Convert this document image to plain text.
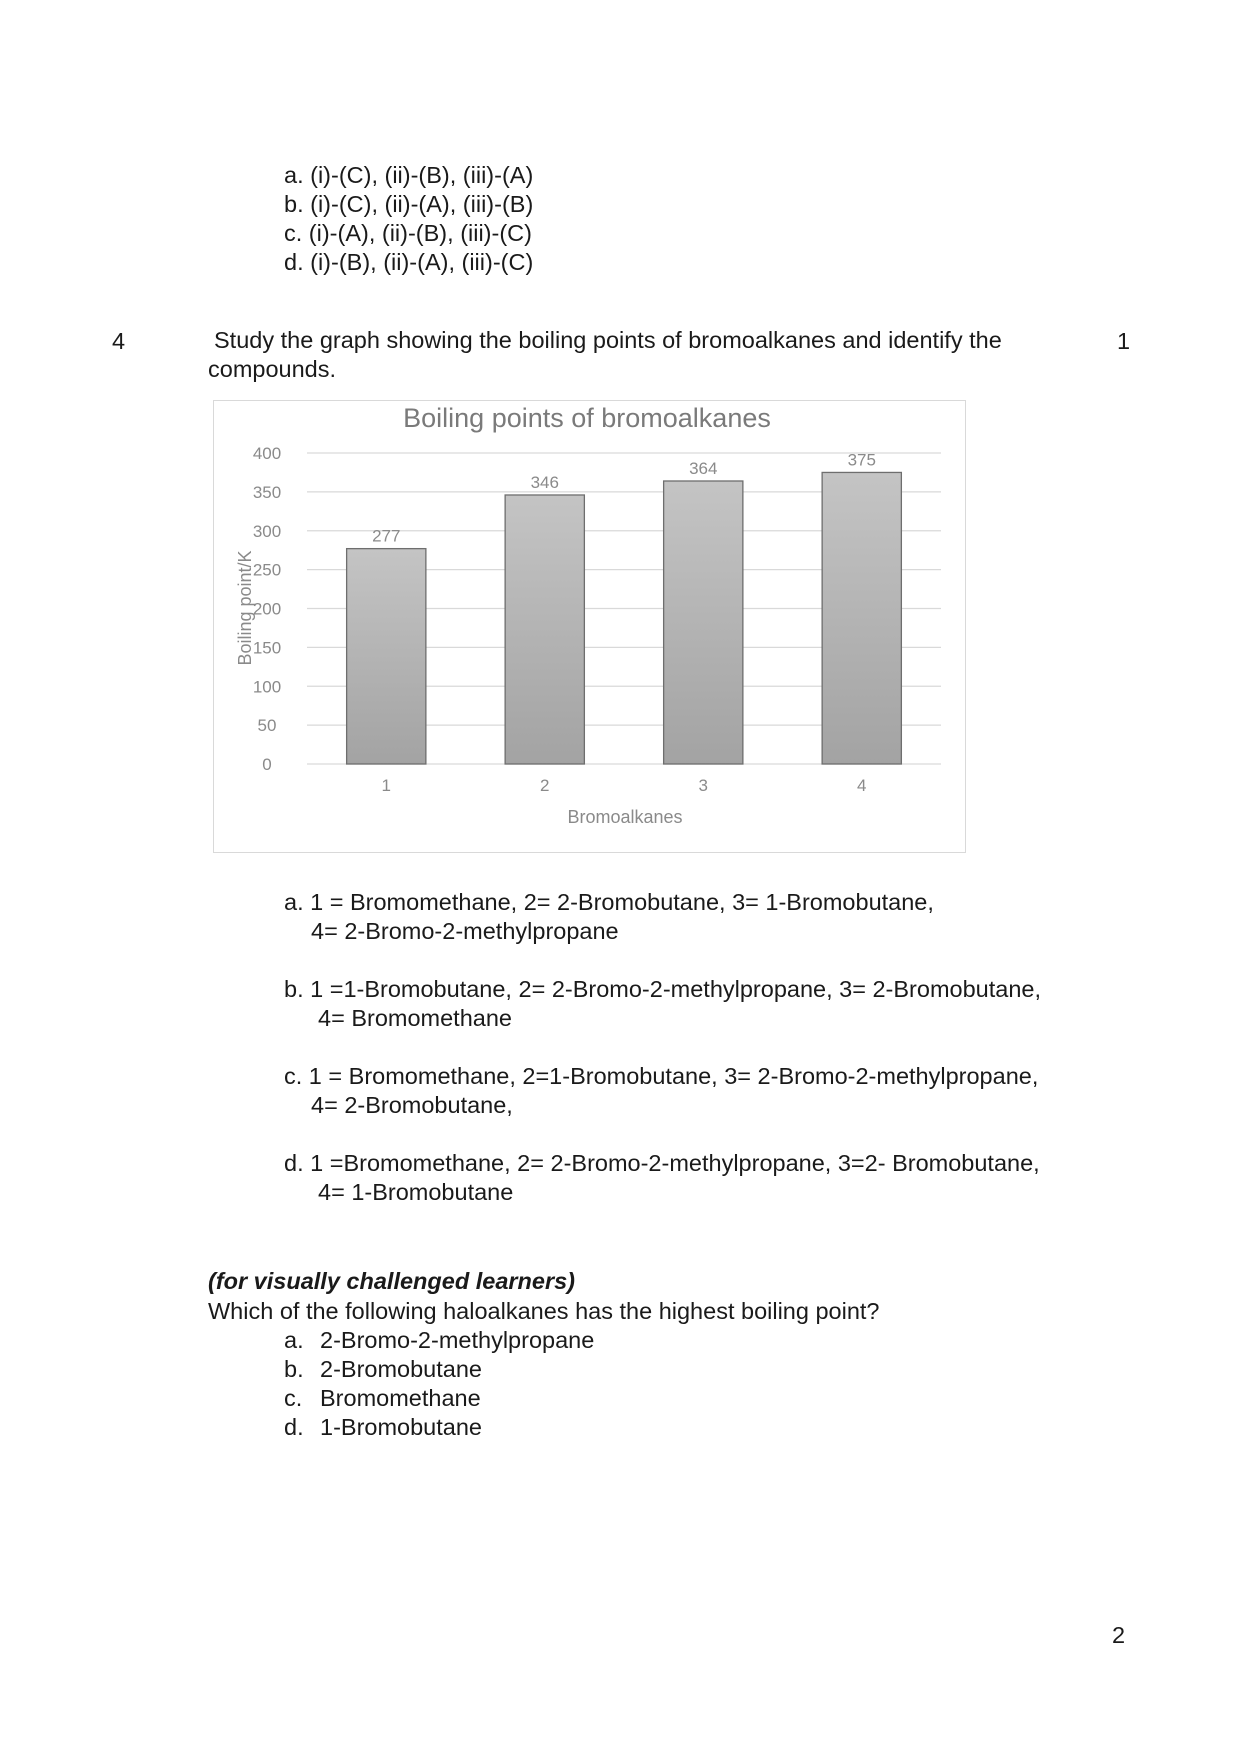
a. (i)-(C), (ii)-(B), (iii)-(A)
b. (i)-(C), (ii)-(A), (iii)-(B)
c. (i)-(A), (ii)-(B), (iii)-(C)
d. (i)-(B), (ii)-(A), (iii)-(C)
4	Study the graph showing the boiling points of bromoalkanes and identify the
compounds.
1
Boiling points of bromoalkanes
0
50
100
150
200
250
300
350
400
277
346
364	375
1	2	3	4
Boiling point/K
Bromoalkanes
a. 1 = Bromomethane, 2= 2-Bromobutane, 3= 1-Bromobutane,
4= 2-Bromo-2-methylpropane
b. 1 =1-Bromobutane, 2= 2-Bromo-2-methylpropane, 3= 2-Bromobutane,
4= Bromomethane
c. 1 = Bromomethane, 2=1-Bromobutane, 3= 2-Bromo-2-methylpropane,
4= 2-Bromobutane,
d. 1 =Bromomethane, 2= 2-Bromo-2-methylpropane, 3=2- Bromobutane,
4= 1-Bromobutane
(for visually challenged learners)
Which of the following haloalkanes has the highest boiling point?
a. 2-Bromo-2-methylpropane
b. 2-Bromobutane
c. Bromomethane
d. 1-Bromobutane
2
